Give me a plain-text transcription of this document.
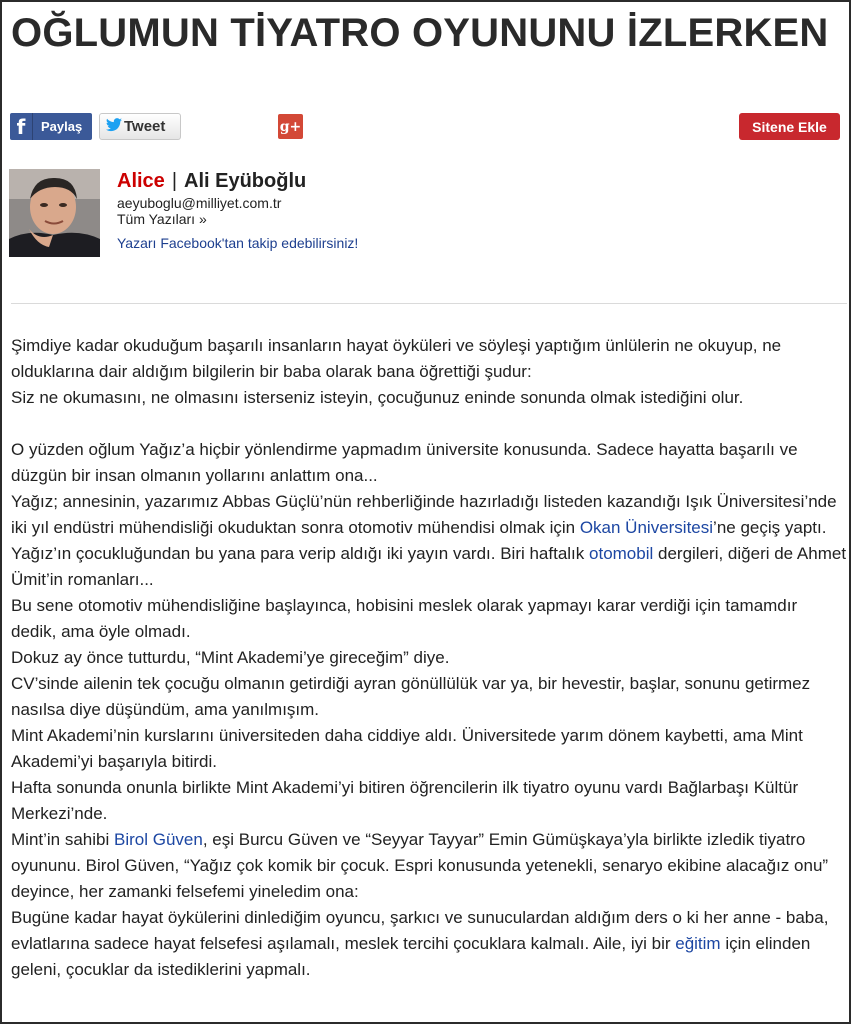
OĞLUMUN TİYATRO OYUNUNU İZLERKEN
f	Paylaş	Tweet	g+	Sitene Ekle
Alice | Ali Eyüboğlu
aeyuboglu@milliyet.com.tr
Tüm Yazıları »
Yazarı Facebook'tan takip edebilirsiniz!

Şimdiye kadar okuduğum başarılı insanların hayat öyküleri ve söyleşi yaptığım ünlülerin ne okuyup, ne olduklarına dair aldığım bilgilerin bir baba olarak bana öğrettiği şudur:

Siz ne okumasını, ne olmasını isterseniz isteyin, çocuğunuz eninde sonunda olmak istediğini olur.

O yüzden oğlum Yağız’a hiçbir yönlendirme yapmadım üniversite konusunda. Sadece hayatta başarılı ve düzgün bir insan olmanın yollarını anlattım ona...

Yağız; annesinin, yazarımız Abbas Güçlü’nün rehberliğinde hazırladığı listeden kazandığı Işık Üniversitesi’nde iki yıl endüstri mühendisliği okuduktan sonra otomotiv mühendisi olmak için Okan Üniversitesi’ne geçiş yaptı. Yağız’ın çocukluğundan bu yana para verip aldığı iki yayın vardı. Biri haftalık otomobil dergileri, diğeri de Ahmet Ümit’in romanları...

Bu sene otomotiv mühendisliğine başlayınca, hobisini meslek olarak yapmayı karar verdiği için tamamdır dedik, ama öyle olmadı.

Dokuz ay önce tutturdu, “Mint Akademi’ye gireceğim” diye.

CV’sinde ailenin tek çocuğu olmanın getirdiği ayran gönüllülük var ya, bir hevestir, başlar, sonunu getirmez nasılsa diye düşündüm, ama yanılmışım.

Mint Akademi’nin kurslarını üniversiteden daha ciddiye aldı. Üniversitede yarım dönem kaybetti, ama Mint Akademi’yi başarıyla bitirdi.

Hafta sonunda onunla birlikte Mint Akademi’yi bitiren öğrencilerin ilk tiyatro oyunu vardı Bağlarbaşı Kültür Merkezi’nde.

Mint’in sahibi Birol Güven, eşi Burcu Güven ve “Seyyar Tayyar” Emin Gümüşkaya’yla birlikte izledik tiyatro oyununu. Birol Güven, “Yağız çok komik bir çocuk. Espri konusunda yetenekli, senaryo ekibine alacağız onu” deyince, her zamanki felsefemi yineledim ona:

Bugüne kadar hayat öykülerini dinlediğim oyuncu, şarkıcı ve sunuculardan aldığım ders o ki her anne - baba, evlatlarına sadece hayat felsefesi aşılamalı, meslek tercihi çocuklara kalmalı. Aile, iyi bir eğitim için elinden geleni, çocuklar da istediklerini yapmalı.
